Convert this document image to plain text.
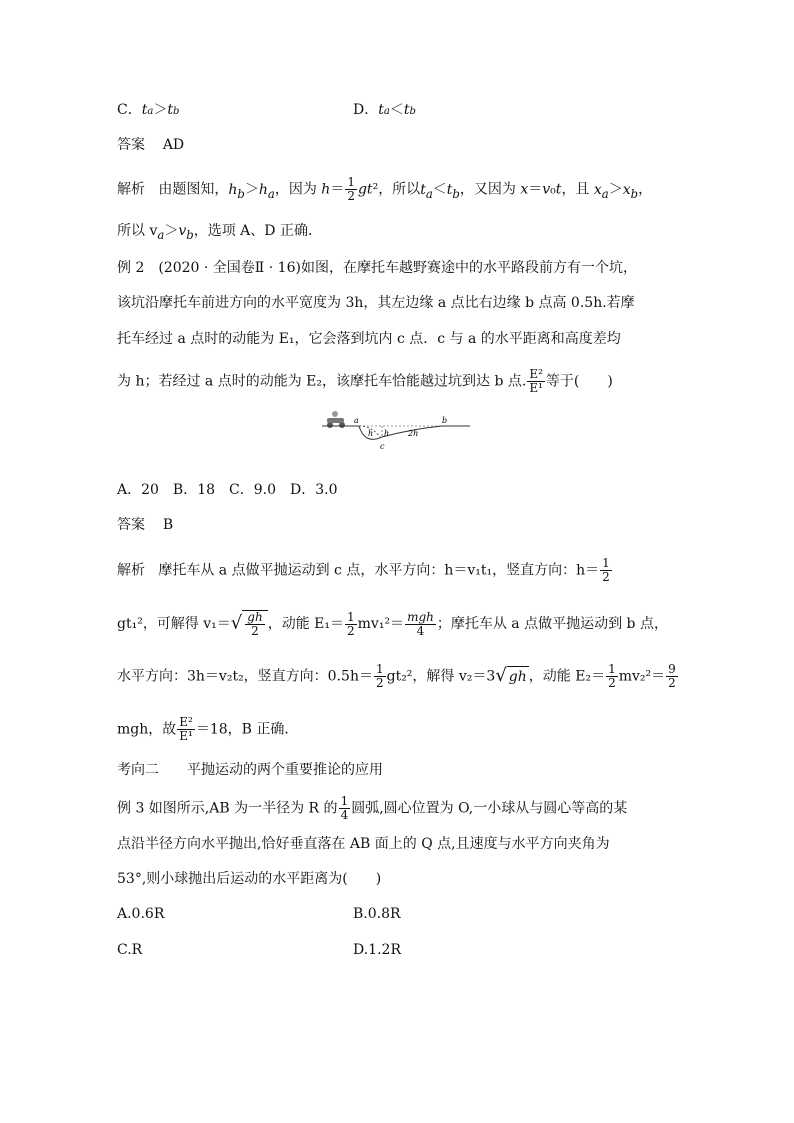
C．ta＞tb	D．ta＜tb
答案 AD
解析 由题图知，$h_b>h_a$，因为 $h= \frac{1}{2} gt^2$，所以$t_a<t_b$，又因为 x＝v₀t，且 $x_a>x_b$，
所以 $v_a>v_b$，选项 A、D 正确．
例 2　(2020 · 全国卷Ⅱ · 16)如图，在摩托车越野赛途中的水平路段前方有一个坑，
该坑沿摩托车前进方向的水平宽度为 3h，其左边缘 a 点比右边缘 b 点高 0.5h.若摩
托车经过 a 点时的动能为 E₁，它会落到坑内 c 点．c 与 a 的水平距离和高度差均
为 h；若经过 a 点时的动能为 E₂，该摩托车恰能越过坑到达 b 点. $\frac{\text{E²}}{\text{E¹}}$ 等于(　　)
a	b
c
h h 2h
A．20　B．18　C．9.0　D．3.0
答案 B
解析 摩托车从 a 点做平抛运动到 c 点，水平方向：h＝v₁t₁，竖直方向：$h= \frac{1}{2}$
gt₁²，可解得 $v_1=√ \frac{gh}{2}$ ，动能 $E_1= \frac{1}{2} mv_1^2= \frac{\text{mgh}}{4}$ ；摩托车从 a 点做平抛运动到 b 点，
水平方向：3h＝v₂t₂，竖直方向：$0.5h= \frac{1}{2} gt_2^2$，解得 v₂＝3√ gh ，动能 $E_2= \frac{1}{2} mv_2^2= \frac{9}{2}$
mgh，故 $\frac{\text{E²}}{\text{E¹}} =18$，B 正确．
考向二　　平抛运动的两个重要推论的应用
例 3 如图所示,AB 为一半径为 R 的 $\frac{1}{4}$ 圆弧,圆心位置为 O,一小球从与圆心等高的某
点沿半径方向水平抛出,恰好垂直落在 AB 面上的 Q 点,且速度与水平方向夹角为
53°,则小球抛出后运动的水平距离为(　　)
A.0.6R	B.0.8R
C.R	D.1.2R
